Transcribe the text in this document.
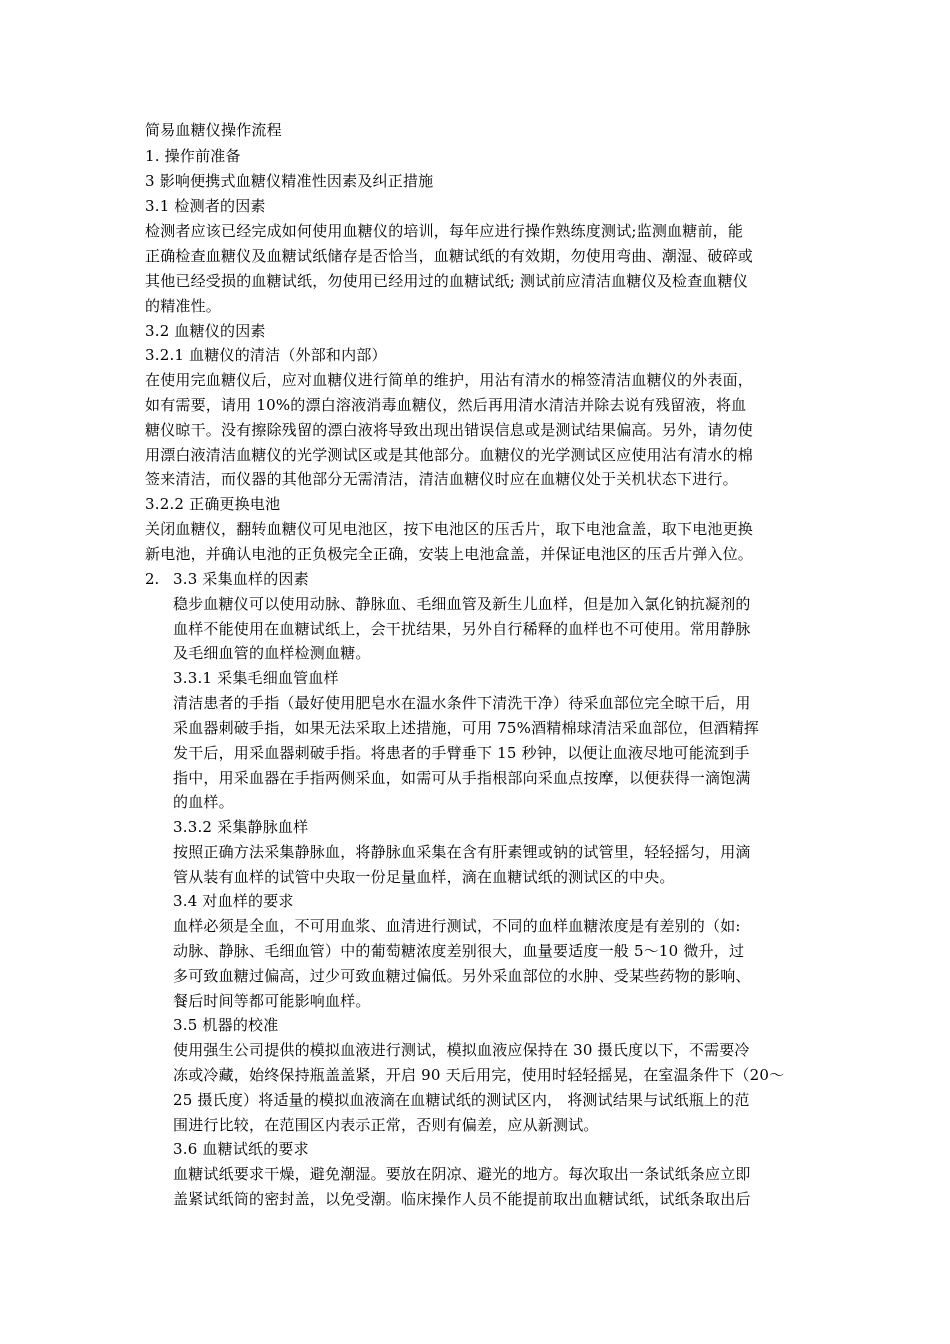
2.
简易血糖仪操作流程
1. 操作前准备
3 影响便携式血糖仪精准性因素及纠正措施
3.1 检测者的因素
检测者应该已经完成如何使用血糖仪的培训，每年应进行操作熟练度测试;监测血糖前，能
正确检查血糖仪及血糖试纸储存是否恰当，血糖试纸的有效期，勿使用弯曲、潮湿、破碎或
其他已经受损的血糖试纸，勿使用已经用过的血糖试纸; 测试前应清洁血糖仪及检查血糖仪
的精准性。
3.2 血糖仪的因素
3.2.1 血糖仪的清洁（外部和内部）
在使用完血糖仪后，应对血糖仪进行简单的维护，用沾有清水的棉签清洁血糖仪的外表面，
如有需要，请用 10%的漂白溶液消毒血糖仪，然后再用清水清洁并除去说有残留液，将血
糖仪晾干。没有擦除残留的漂白液将导致出现出错误信息或是测试结果偏高。另外，请勿使
用漂白液清洁血糖仪的光学测试区或是其他部分。血糖仪的光学测试区应使用沾有清水的棉
签来清洁，而仪器的其他部分无需清洁，清洁血糖仪时应在血糖仪处于关机状态下进行。
3.2.2 正确更换电池
关闭血糖仪，翻转血糖仪可见电池区，按下电池区的压舌片，取下电池盒盖，取下电池更换
新电池，并确认电池的正负极完全正确，安装上电池盒盖，并保证电池区的压舌片弹入位。
3.3 采集血样的因素
稳步血糖仪可以使用动脉、静脉血、毛细血管及新生儿血样，但是加入氯化钠抗凝剂的
血样不能使用在血糖试纸上，会干扰结果，另外自行稀释的血样也不可使用。常用静脉
及毛细血管的血样检测血糖。
3.3.1 采集毛细血管血样
清洁患者的手指（最好使用肥皂水在温水条件下清洗干净）待采血部位完全晾干后，用
采血器刺破手指，如果无法采取上述措施，可用 75%酒精棉球清洁采血部位，但酒精挥
发干后，用采血器刺破手指。将患者的手臂垂下 15 秒钟，以便让血液尽地可能流到手
指中，用采血器在手指两侧采血，如需可从手指根部向采血点按摩，以便获得一滴饱满
的血样。
3.3.2 采集静脉血样
按照正确方法采集静脉血，将静脉血采集在含有肝素锂或钠的试管里，轻轻摇匀，用滴
管从装有血样的试管中央取一份足量血样，滴在血糖试纸的测试区的中央。
3.4 对血样的要求
血样必须是全血，不可用血浆、血清进行测试，不同的血样血糖浓度是有差别的（如:
动脉、静脉、毛细血管）中的葡萄糖浓度差别很大，血量要适度一般 5～10 微升，过
多可致血糖过偏高，过少可致血糖过偏低。另外采血部位的水肿、受某些药物的影响、
餐后时间等都可能影响血样。
3.5 机器的校准
使用强生公司提供的模拟血液进行测试，模拟血液应保持在 30 摄氏度以下，不需要冷
冻或冷藏，始终保持瓶盖盖紧，开启 90 天后用完，使用时轻轻摇晃，在室温条件下（20～
25 摄氏度）将适量的模拟血液滴在血糖试纸的测试区内， 将测试结果与试纸瓶上的范
围进行比较，在范围区内表示正常，否则有偏差，应从新测试。
3.6 血糖试纸的要求
血糖试纸要求干燥，避免潮湿。要放在阴凉、避光的地方。每次取出一条试纸条应立即
盖紧试纸筒的密封盖，以免受潮。临床操作人员不能提前取出血糖试纸，试纸条取出后
